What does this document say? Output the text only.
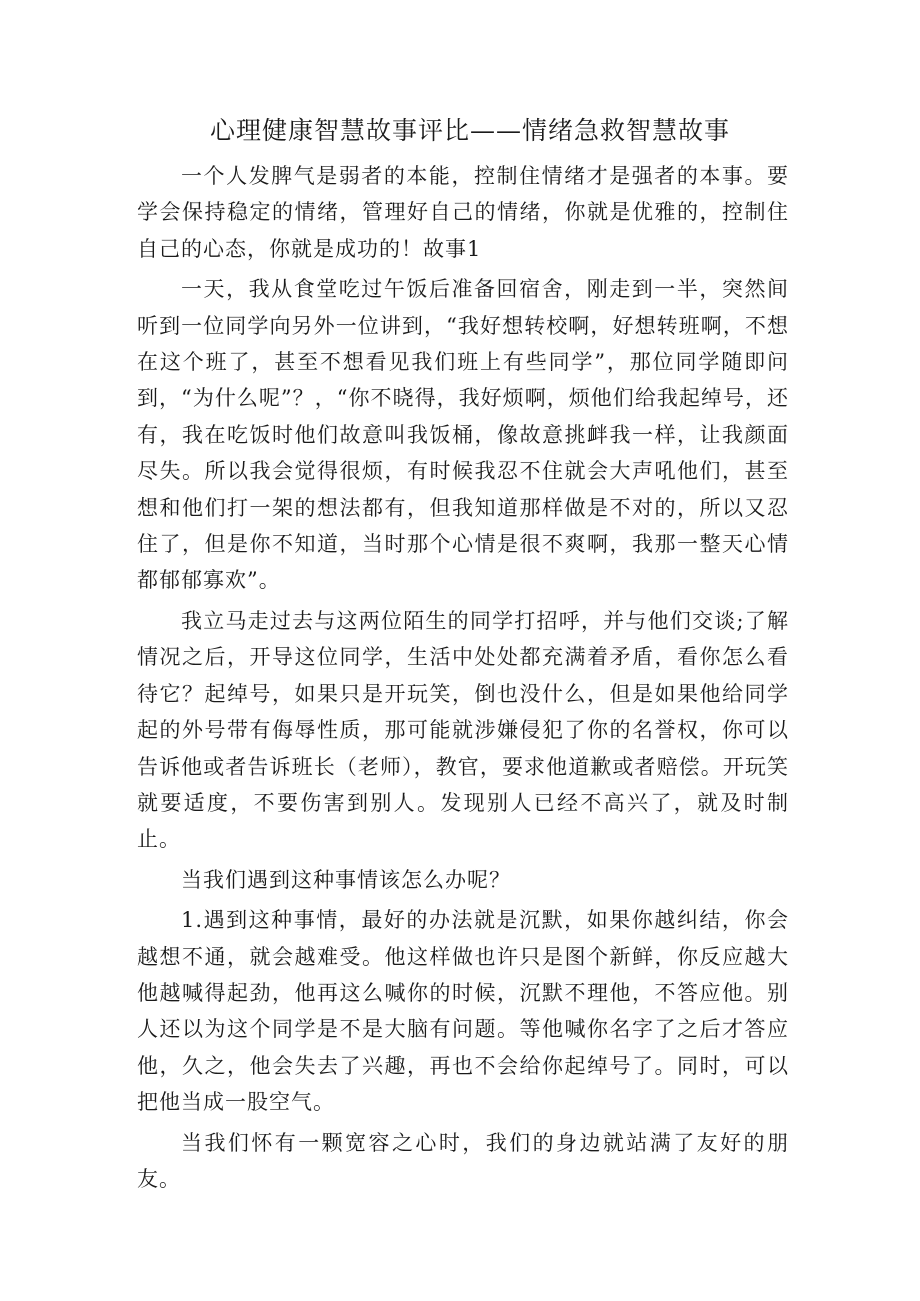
心理健康智慧故事评比——情绪急救智慧故事

一个人发脾气是弱者的本能，控制住情绪才是强者的本事。要学会保持稳定的情绪，管理好自己的情绪，你就是优雅的，控制住自己的心态，你就是成功的！故事1

一天，我从食堂吃过午饭后准备回宿舍，刚走到一半，突然间听到一位同学向另外一位讲到，“我好想转校啊，好想转班啊，不想在这个班了，甚至不想看见我们班上有些同学”，那位同学随即问到，“为什么呢”？，“你不晓得，我好烦啊，烦他们给我起绰号，还有，我在吃饭时他们故意叫我饭桶，像故意挑衅我一样，让我颜面尽失。所以我会觉得很烦，有时候我忍不住就会大声吼他们，甚至想和他们打一架的想法都有，但我知道那样做是不对的，所以又忍住了，但是你不知道，当时那个心情是很不爽啊，我那一整天心情都郁郁寡欢”。

我立马走过去与这两位陌生的同学打招呼，并与他们交谈;了解情况之后，开导这位同学，生活中处处都充满着矛盾，看你怎么看待它？起绰号，如果只是开玩笑，倒也没什么，但是如果他给同学起的外号带有侮辱性质，那可能就涉嫌侵犯了你的名誉权，你可以告诉他或者告诉班长（老师），教官，要求他道歉或者赔偿。开玩笑就要适度，不要伤害到别人。发现别人已经不高兴了，就及时制止。

当我们遇到这种事情该怎么办呢？

1.遇到这种事情，最好的办法就是沉默，如果你越纠结，你会越想不通，就会越难受。他这样做也许只是图个新鲜，你反应越大他越喊得起劲，他再这么喊你的时候，沉默不理他，不答应他。别人还以为这个同学是不是大脑有问题。等他喊你名字了之后才答应他，久之，他会失去了兴趣，再也不会给你起绰号了。同时，可以把他当成一股空气。

当我们怀有一颗宽容之心时，我们的身边就站满了友好的朋友。
